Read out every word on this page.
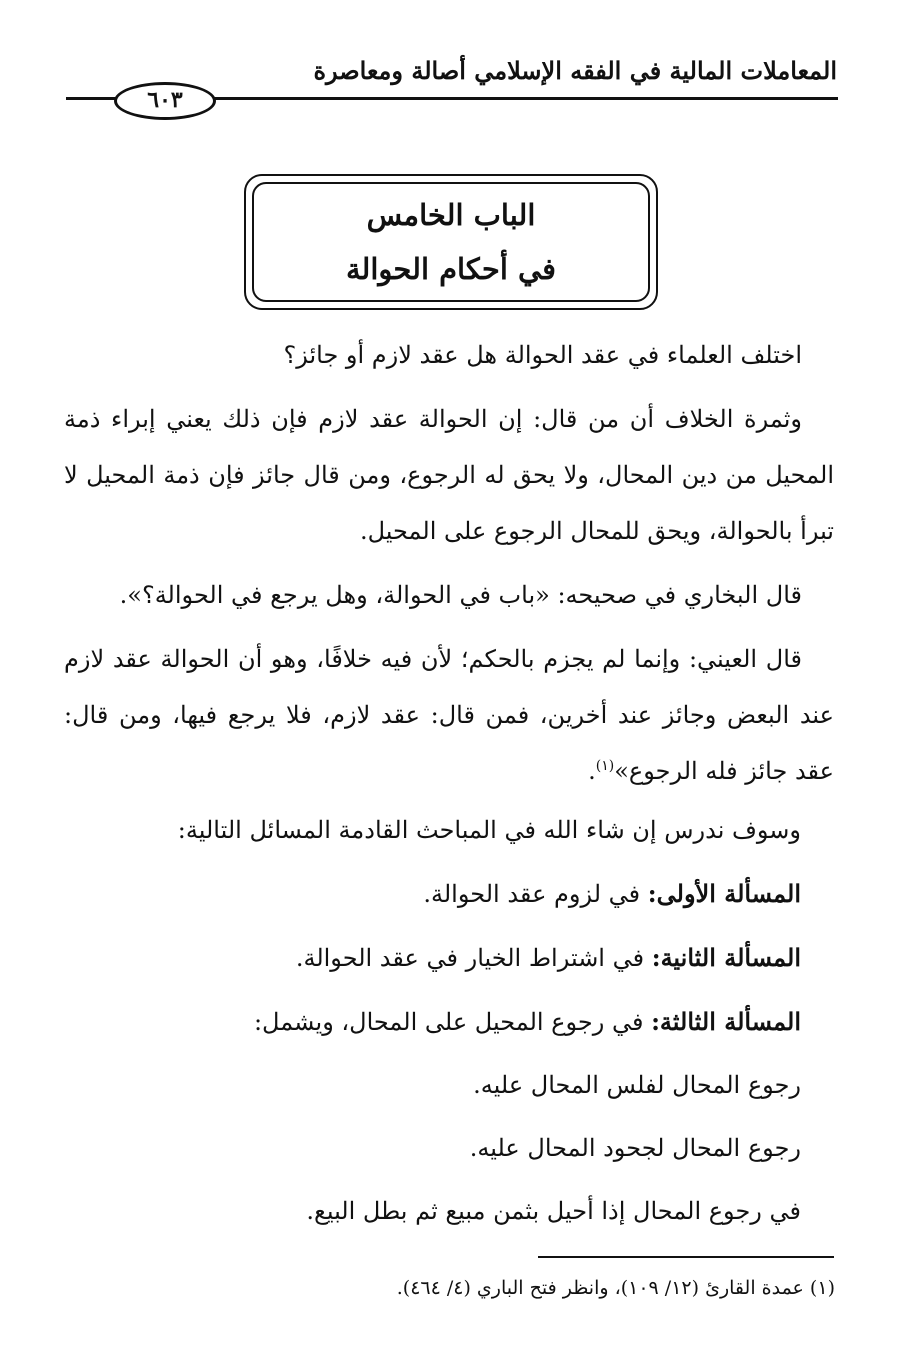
المعاملات المالية في الفقه الإسلامي أصالة ومعاصرة
٦٠٣
الباب الخامس
في أحكام الحوالة

اختلف العلماء في عقد الحوالة هل عقد لازم أو جائز؟

وثمرة الخلاف أن من قال: إن الحوالة عقد لازم فإن ذلك يعني إبراء ذمة المحيل من دين المحال، ولا يحق له الرجوع، ومن قال جائز فإن ذمة المحيل لا تبرأ بالحوالة، ويحق للمحال الرجوع على المحيل.

قال البخاري في صحيحه: «باب في الحوالة، وهل يرجع في الحوالة؟».

قال العيني: وإنما لم يجزم بالحكم؛ لأن فيه خلافًا، وهو أن الحوالة عقد لازم عند البعض وجائز عند أخرين، فمن قال: عقد لازم، فلا يرجع فيها، ومن قال: عقد جائز فله الرجوع»$^{(١)}$.

وسوف ندرس إن شاء الله في المباحث القادمة المسائل التالية:

المسألة الأولى: في لزوم عقد الحوالة.

المسألة الثانية: في اشتراط الخيار في عقد الحوالة.

المسألة الثالثة: في رجوع المحيل على المحال، ويشمل:

رجوع المحال لفلس المحال عليه.

رجوع المحال لجحود المحال عليه.

في رجوع المحال إذا أحيل بثمن مبيع ثم بطل البيع.

(١) عمدة القارئ (١٢/ ١٠٩)، وانظر فتح الباري (٤/ ٤٦٤).
